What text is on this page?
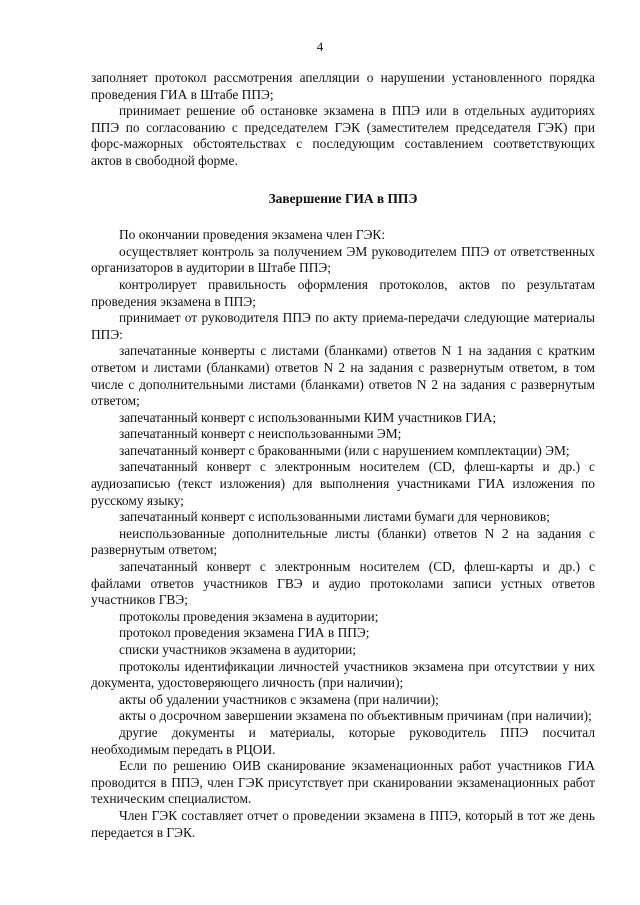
4

заполняет протокол рассмотрения апелляции о нарушении установленного порядка проведения ГИА в Штабе ППЭ;

принимает решение об остановке экзамена в ППЭ или в отдельных аудиториях ППЭ по согласованию с председателем ГЭК (заместителем председателя ГЭК) при форс-мажорных обстоятельствах с последующим составлением соответствующих актов в свободной форме.

Завершение ГИА в ППЭ

По окончании проведения экзамена член ГЭК:

осуществляет контроль за получением ЭМ руководителем ППЭ от ответственных организаторов в аудитории в Штабе ППЭ;

контролирует правильность оформления протоколов, актов по результатам проведения экзамена в ППЭ;

принимает от руководителя ППЭ по акту приема-передачи следующие материалы ППЭ:

запечатанные конверты с листами (бланками) ответов N 1 на задания с кратким ответом и листами (бланками) ответов N 2 на задания с развернутым ответом, в том числе с дополнительными листами (бланками) ответов N 2 на задания с развернутым ответом;

запечатанный конверт с использованными КИМ участников ГИА;

запечатанный конверт с неиспользованными ЭМ;

запечатанный конверт с бракованными (или с нарушением комплектации) ЭМ;

запечатанный конверт с электронным носителем (CD, флеш-карты и др.) с аудиозаписью (текст изложения) для выполнения участниками ГИА изложения по русскому языку;

запечатанный конверт с использованными листами бумаги для черновиков;

неиспользованные дополнительные листы (бланки) ответов N 2 на задания с развернутым ответом;

запечатанный конверт с электронным носителем (CD, флеш-карты и др.) с файлами ответов участников ГВЭ и аудио протоколами записи устных ответов участников ГВЭ;

протоколы проведения экзамена в аудитории;

протокол проведения экзамена ГИА в ППЭ;

списки участников экзамена в аудитории;

протоколы идентификации личностей участников экзамена при отсутствии у них документа, удостоверяющего личность (при наличии);

акты об удалении участников с экзамена (при наличии);

акты о досрочном завершении экзамена по объективным причинам (при наличии);

другие документы и материалы, которые руководитель ППЭ посчитал необходимым передать в РЦОИ.

Если по решению ОИВ сканирование экзаменационных работ участников ГИА проводится в ППЭ, член ГЭК присутствует при сканировании экзаменационных работ техническим специалистом.

Член ГЭК составляет отчет о проведении экзамена в ППЭ, который в тот же день передается в ГЭК.
